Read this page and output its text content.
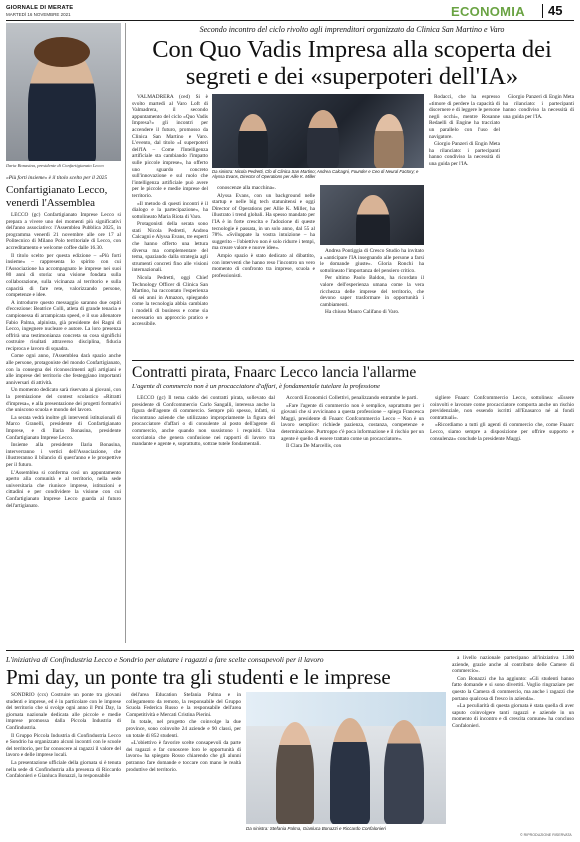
GIORNALE DI MERATE
MARTEDÌ 16 NOVEMBRE 2021	ECONOMIA 45
Ilaria Bonasina, presidente di Confartigianato Lecco
«Più forti insieme» è il titolo scelto per il 2025
Confartigianato Lecco, venerdì l'Assemblea

LECCO (gc) Confartigianato Imprese Lecco si prepara a vivere uno dei momenti più significativi dell'anno associativo: l'Assemblea Pubblica 2025, in programma venerdì 21 novembre alle ore 17 al Politecnico di Milano Polo territoriale di Lecco, con accreditamento e welcome coffee dalle 16.30.

Il titolo scelto per questa edizione – «Più forti insieme» – rappresenta lo spirito con cui l'Associazione ha accompagnato le imprese nei suoi 80 anni di storia: una visione fondata sulla collaborazione, sulla vicinanza al territorio e sulla capacità di fare rete, valorizzando persone, competenze e idee.

A introdurre questo messaggio saranno due ospiti d'eccezione: Beatrice Colli, atleta di grande tenacia e campionessa di arrampicata speed, e il suo allenatore Fabio Palma, alpinista, già presidente dei Ragni di Lecco, ingegnere nucleare e autore. La loro presenza offrirà una testimonianza concreta su cosa significhi costruire risultati attraverso disciplina, fiducia reciproca e lavoro di squadra.

Come ogni anno, l'Assemblea darà spazio anche alle persone, protagoniste del mondo Confartigianato, con la consegna dei riconoscimenti agli artigiani e alle imprese del territorio che festeggiano importanti anniversari di attività.

Un momento dedicato sarà riservato ai giovani, con la premiazione del contest scolastico «Ritratti d'impresa», e alla presentazione dei progetti formativi che uniscono scuola e mondo del lavoro.

La serata vedrà inoltre gli interventi istituzionali di Marco Granelli, presidente di Confartigianato Imprese, e di Ilaria Bonasina, presidente Confartigianato Imprese Lecco.

Insieme alla presidente Ilaria Bonasina, interverranno i vertici dell'Associazione, che illustreranno il bilancio di quest'anno e le prospettive per il futuro.

L'Assemblea si conferma così un appuntamento aperto alla comunità e al territorio, nella sede universitaria che riunisce imprese, istituzioni e cittadini e per condividere la visione con cui Confartigianato Imprese Lecco guarda al futuro dell'artigianato.

Secondo incontro del ciclo rivolto agli imprenditori organizzato da Clinica San Martino e Varo
Con Quo Vadis Impresa alla scoperta dei segreti e dei «superpoteri dell'IA»

VALMADRERA (ced) Si è svolto martedì al Varo Loft di Valmadrera, il secondo appuntamento del ciclo «Quo Vadis Impresa?» gli incontri per accendere il futuro, promosso da Clinica San Martino e Varo. L'evento, dal titolo «I superpoteri dell'IA – Come l'Intelligenza artificiale sta cambiando l'impatto sulle piccole imprese», ha offerto uno sguardo concreto sull'innovazione e sul ruolo che l'intelligenza artificiale può avere per le piccole e medie imprese del territorio.

«Il metodo di questi incontri è il dialogo e la partecipazione», ha sottolineato Maria Riota di Varo.

Protagonisti della serata sono stati Nicola Pedretti, Andrea Calcagni e Alyssa Evans, tre esperti che hanno offerto una lettura diversa ma complementare del tema, spaziando dalla strategia agli strumenti concreti fino alle visioni internazionali.

Nicola Pedretti, oggi Chief Technology Officer di Clinica San Martino, ha raccontato l'esperienza di sei anni in Amazon, spiegando come la tecnologia abbia cambiato i modelli di business e come sia necessario un approccio pratico e accessibile.

Da sinistra: Nicola Pedretti, Cfo di Clinica San Martino; Andrea Calcagni, Founder e Ceo di Neural Factory; e Alyssa Evans, Director of Operations per Allie K. Miller

conoscenze alla macchina».

Alyssa Evans, con un background nelle startup e nelle big tech statunitensi e oggi Director of Operations per Allie K. Miller, ha illustrato i trend globali. Ha spesso mandato per l'IA è in forte crescita e l'adozione di queste tecnologie è passata, in un solo anno, dal 55 al 78%. «Sviluppate la vostra intuizione – ha suggerito – l'obiettivo non è solo ridurre i tempi, ma creare valore e nuove idee».

Ampio spazio è stato dedicato al dibattito, con interventi che hanno reso l'incontro un vero momento di confronto tra imprese, scuola e professionisti.

Andrea Pontiggia di Cresco Studio ha invitato a «anticipare l'IA insegnando alle persone a farsi le domande giuste». Gloria Ronchi ha sottolineato l'importanza del pensiero critico.

Per ultimo Paolo Baldon, ha ricordato il valore dell'esperienza umana come la vera ricchezza delle imprese del territorio, che devono saper trasformare in opportunità i cambiamenti.

Ha chiuso Mauro Califano di Varo.

Rodacci, che ha espresso «timore di perdere la capacità di discernere e di leggere le persone negli occhi», mentre Rosanne Redaelli di Engine ha tracciato un parallelo con l'uso del navigatore.

Giorgio Panzeri di Engin Meta ha rilanciato: i partecipanti hanno condiviso la necessità di una guida per l'IA.

Giorgio Panzeri di Engin Meta ha rilanciato: i partecipanti hanno condiviso la necessità di una guida per l'IA.

Contratti pirata, Fnaarc Lecco lancia l'allarme
L'agente di commercio non è un procacciatore d'affari, è fondamentale tutelare la professione

LECCO (gc) Il tema caldo dei contratti pirata, sollevato dal presidente di Confcommercio Carlo Sangalli, interessa anche la figura dell'agente di commercio. Sempre più spesso, infatti, si riscontrano aziende che utilizzano impropriamente la figura del procacciatore d'affari o di consulente al posto dell'agente di commercio, anche quando non sussistono i requisiti. Una scorciatoia che genera confusione nei rapporti di lavoro tra mandante e agente e, soprattutto, sottrae tutele fondamentali.

Accordi Economici Collettivi, penalizzando entrambe le parti.

«Fare l'agente di commercio non è semplice, soprattutto per i giovani che si avvicinano a questa professione – spiega Francesca Maggi, presidente di Fnaarc Confcommercio Lecco – Non è un lavoro semplice: richiede pazienza, costanza, competenze e determinazione. Purtroppo c'è poca informazione e il rischio per un agente è quello di essere trattato come un procacciatore».

Il Clara De Marcellis, con

sigliere Fnaarc Confcommercio Lecco, sottolinea: «Essere coinvolti e lavorare come procacciatore comporta anche un rischio previdenziale, non essendo iscritti all'Enasarco né ai fondi contrattuali».

«Ricordiamo a tutti gli agenti di commercio che, come Fnaarc Lecco, siamo sempre a disposizione per offrire supporto e consulenza» conclude la presidente Maggi.

L'iniziativa di Confindustria Lecco e Sondrio per aiutare i ragazzi a fare scelte consapevoli per il lavoro
Pmi day, un ponte tra gli studenti e le imprese

SONDRIO (ccs) Costruire un ponte tra giovani studenti e imprese, ed è in particolare con le imprese del territorio che si svolge ogni anno il Pmi Day, la giornata nazionale dedicata alle piccole e medie imprese promossa dalla Piccola Industria di Confindustria.

Il Gruppo Piccola Industria di Confindustria Lecco e Sondrio ha organizzato alcuni incontri con le scuole del territorio, per far conoscere ai ragazzi il valore del lavoro e delle imprese locali.

La presentazione ufficiale della giornata si è tenuta nella sede di Confindustria alla presenza di Riccardo Confalonieri e Gianluca Bonazzi, la responsabile

dell'area Education Stefania Palma e in collegamento da remoto, la responsabile del Gruppo Scuola Federica Russo e la responsabile dell'area Competitività e Mercati Cristina Pierini.

In totale, nel progetto che coinvolge la due province, sono coinvolte 24 aziende e 90 classi, per un totale di 852 studenti.

«L'obiettivo è favorire scelte consapevoli da parte dei ragazzi e far conoscere loro le opportunità di lavoro» ha spiegato Rosso chiarendo che gli alunni potranno fare domande e toccare con mano le realtà produttive del territorio.

Da sinistra: Stefania Palma, Gianluca Bonazzi e Riccardo Confalonieri

a livello nazionale partecipano all'iniziativa 1.300 aziende, grazie anche al contributo delle Camere di commercio».

Con Bonazzi che ha aggiunto: «Gli studenti hanno fatto domande e si sono divertiti. Voglio ringraziare per questo la Camera di commercio, ma anche i ragazzi che portano qualcosa di fresco in azienda».

«La peculiarità di questa giornata è stata quella di aver saputo coinvolgere tanti ragazzi e aziende in un momento di incontro e di crescita comune» ha concluso Confalonieri.

© RIPRODUZIONE RISERVATA
